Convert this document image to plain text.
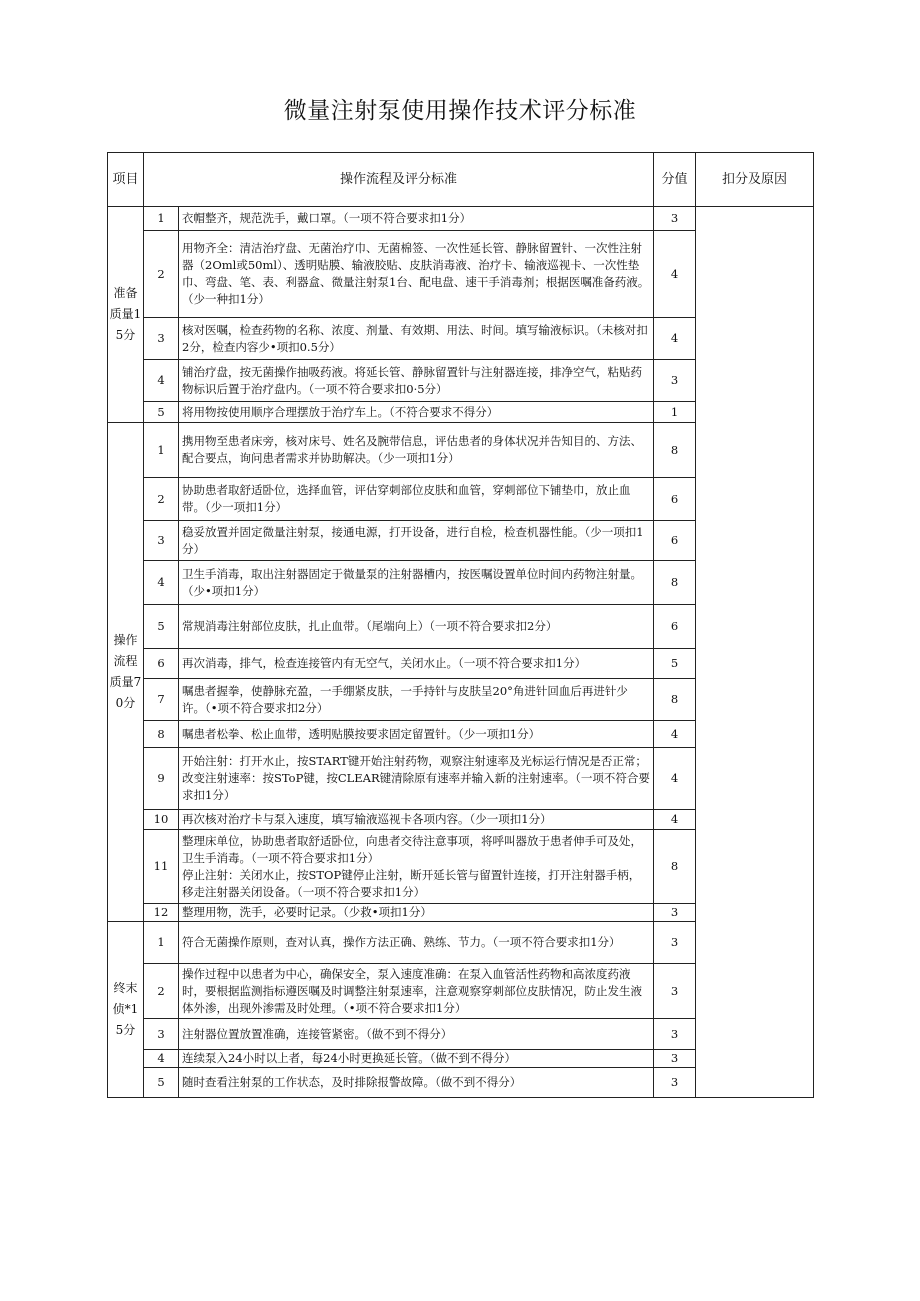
微量注射泵使用操作技术评分标准
项目	操作流程及评分标准		分值	扣分及原因

准备质量15分	1	衣帽整齐，规范洗手，戴口罩。（一项不符合要求扣1分）	3	
	2	用物齐全：清洁治疗盘、无菌治疗巾、无菌棉签、一次性延长管、静脉留置针、一次性注射器（2Oml或50ml）、透明贴膜、输液胶贴、皮肤消毒液、治疗卡、输液巡视卡、一次性垫巾、弯盘、笔、表、利器盒、微量注射泵1台、配电盘、速干手消毒剂；根据医嘱准备药液。（少一种扣1分）	4	
	3	核对医嘱，检查药物的名称、浓度、剂量、有效期、用法、时间。填写输液标识。（未核对扣2分，检查内容少•项扣0.5分）	4	
	4	铺治疗盘，按无菌操作抽吸药液。将延长管、静脉留置针与注射器连接，排净空气，粘贴药物标识后置于治疗盘内。（一项不符合要求扣0·5分）	3	
	5	将用物按使用顺序合理摆放于治疗车上。（不符合要求不得分）	1	

操作流程质量70分	1	携用物至患者床旁，核对床号、姓名及腕带信息，评估患者的身体状况并告知目的、方法、配合要点，询问患者需求并协助解决。（少一项扣1分）	8	
	2	协助患者取舒适卧位，选择血管，评估穿刺部位皮肤和血管，穿刺部位下铺垫巾，放止血带。（少一项扣1分）	6	
	3	稳妥放置并固定微量注射泵，接通电源，打开设备，进行自检，检查机器性能。（少一项扣1分）	6	
	4	卫生手消毒，取出注射器固定于微量泵的注射器槽内，按医嘱设置单位时间内药物注射量。（少•项扣1分）	8	
	5	常规消毒注射部位皮肤，扎止血带。（尾端向上）（一项不符合要求扣2分）	6	
	6	再次消毒，排气，检查连接管内有无空气，关闭水止。（一项不符合要求扣1分）	5	
	7	嘱患者握拳，使静脉充盈，一手绷紧皮肤，一手持针与皮肤呈20°角进针回血后再进针少许。（•项不符合要求扣2分）	8	
	8	嘱患者松拳、松止血带，透明贴膜按要求固定留置针。（少一项扣1分）	4	
	9	开始注射：打开水止，按START键开始注射药物，观察注射速率及光标运行情况是否正常；改变注射速率：按SToP键，按CLEAR键清除原有速率并输入新的注射速率。（一项不符合要求扣1分）	4	
	10	再次核对治疗卡与泵入速度，填写输液巡视卡各项内容。（少一项扣1分）	4	
	11	整理床单位，协助患者取舒适卧位，向患者交待注意事项，将呼叫器放于患者伸手可及处，卫生手消毒。（一项不符合要求扣1分）
停止注射：关闭水止，按STOP键停止注射，断开延长管与留置针连接，打开注射器手柄，移走注射器关闭设备。（一项不符合要求扣1分）	8	
	12	整理用物，洗手，必要时记录。（少救•项扣1分）	3	

终末侦*15分	1	符合无菌操作原则，查对认真，操作方法正确、熟练、节力。（一项不符合要求扣1分）	3	
	2	操作过程中以患者为中心，确保安全，泵入速度准确：在泵入血管活性药物和高浓度药液时，要根据监测指标遵医嘱及时调整注射泵速率，注意观察穿刺部位皮肤情况，防止发生液体外渗，出现外渗需及时处理。（•项不符合要求扣1分）	3	
	3	注射器位置放置准确，连接管紧密。（做不到不得分）	3	
	4	连续泵入24小时以上者，每24小时更换延长管。（做不到不得分）	3	
	5	随时查看注射泵的工作状态，及时排除报警故障。（做不到不得分）	3	
